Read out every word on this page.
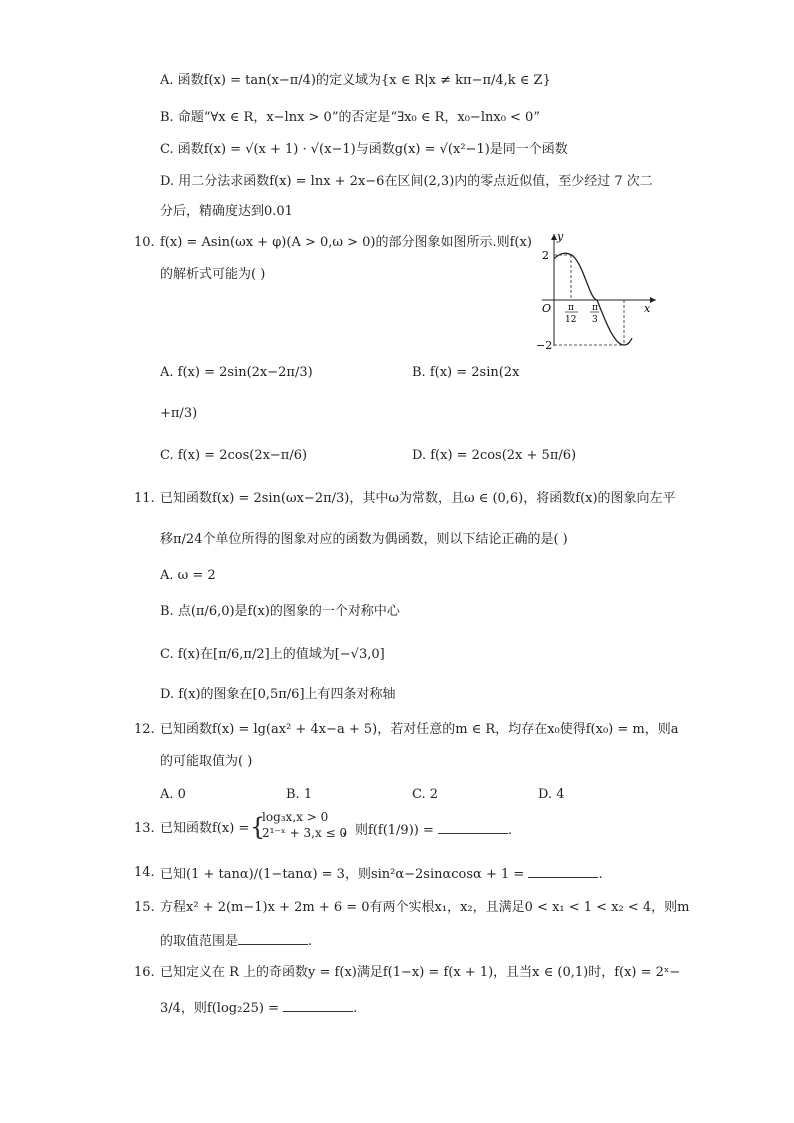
A. 函数f(x) = tan(x−π/4)的定义域为{x ∈ R|x ≠ kπ−π/4,k ∈ Z}
B. 命题“∀x ∈ R，x−lnx > 0”的否定是“∃x₀ ∈ R，x₀−lnx₀ < 0”
C. 函数f(x) = √(x + 1) · √(x−1)与函数g(x) = √(x²−1)是同一个函数
D. 用二分法求函数f(x) = lnx + 2x−6在区间(2,3)内的零点近似值，至少经过 7 次二
分后，精确度达到0.01
10. f(x) = Asin(ωx + φ)(A > 0,ω > 0)的部分图象如图所示.则f(x)
的解析式可能为( )
y
x
O
2
−2
π
12
π
3
A. f(x) = 2sin(2x−2π/3)	B. f(x) = 2sin(2x
+π/3)
C. f(x) = 2cos(2x−π/6)	D. f(x) = 2cos(2x + 5π/6)
11. 已知函数f(x) = 2sin(ωx−2π/3)，其中ω为常数，且ω ∈ (0,6)，将函数f(x)的图象向左平
移π/24个单位所得的图象对应的函数为偶函数，则以下结论正确的是( )
A. ω = 2
B. 点(π/6,0)是f(x)的图象的一个对称中心
C. f(x)在[π/6,π/2]上的值域为[−√3,0]
D. f(x)的图象在[0,5π/6]上有四条对称轴
12. 已知函数f(x) = lg(ax² + 4x−a + 5)，若对任意的m ∈ R，均存在x₀使得f(x₀) = m，则a
的可能取值为( )
A. 0	B. 1	C. 2	D. 4
13. 已知函数f(x) = {
log₃x,x > 0
2¹⁻ˣ + 3,x ≤ 0
，则f(f(1/9)) =	.
14. 已知(1 + tanα)/(1−tanα) = 3，则sin²α−2sinαcosα + 1 =	.
15. 方程x² + 2(m−1)x + 2m + 6 = 0有两个实根x₁，x₂，且满足0 < x₁ < 1 < x₂ < 4，则m
的取值范围是	.
16. 已知定义在 R 上的奇函数y = f(x)满足f(1−x) = f(x + 1)，且当x ∈ (0,1)时，f(x) = 2ˣ−
3/4，则f(log₂25) =	.
